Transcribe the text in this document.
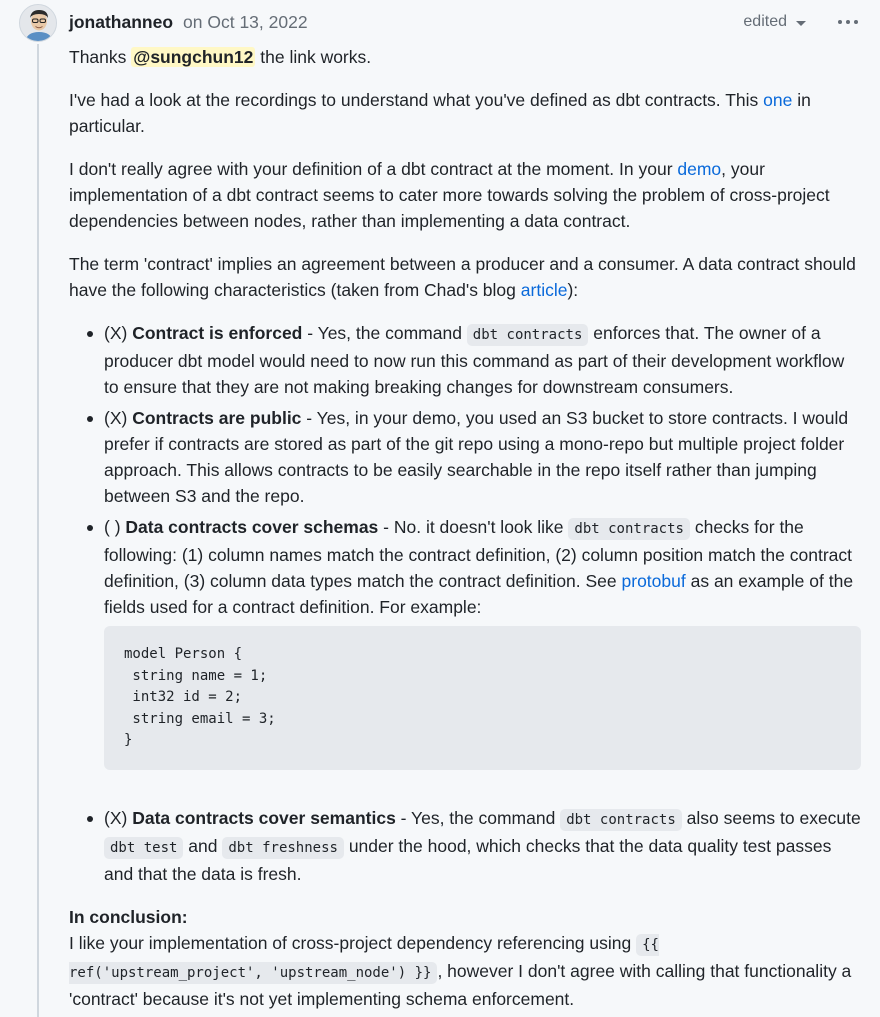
jonathanneo on Oct 13, 2022	edited

Thanks @sungchun12 the link works.

I've had a look at the recordings to understand what you've defined as dbt contracts. This one in particular.

I don't really agree with your definition of a dbt contract at the moment. In your demo, your implementation of a dbt contract seems to cater more towards solving the problem of cross-project dependencies between nodes, rather than implementing a data contract.

The term 'contract' implies an agreement between a producer and a consumer. A data contract should have the following characteristics (taken from Chad's blog article):

(X) Contract is enforced - Yes, the command dbt contracts enforces that. The owner of a producer dbt model would need to now run this command as part of their development workflow to ensure that they are not making breaking changes for downstream consumers.
(X) Contracts are public - Yes, in your demo, you used an S3 bucket to store contracts. I would prefer if contracts are stored as part of the git repo using a mono-repo but multiple project folder approach. This allows contracts to be easily searchable in the repo itself rather than jumping between S3 and the repo.
( ) Data contracts cover schemas - No. it doesn't look like dbt contracts checks for the following: (1) column names match the contract definition, (2) column position match the contract definition, (3) column data types match the contract definition. See protobuf as an example of the fields used for a contract definition. For example:
model Person {
string name = 1;
int32 id = 2;
string email = 3;
}
(X) Data contracts cover semantics - Yes, the command dbt contracts also seems to execute dbt test and dbt freshness under the hood, which checks that the data quality test passes and that the data is fresh.

In conclusion:

I like your implementation of cross-project dependency referencing using {{ ref('upstream_project', 'upstream_node') }} , however I don't agree with calling that functionality a 'contract' because it's not yet implementing schema enforcement.
